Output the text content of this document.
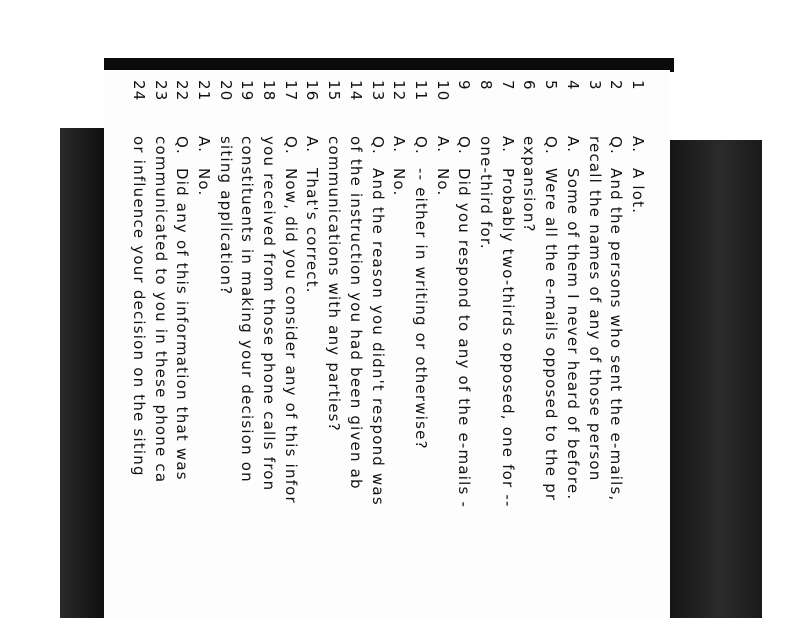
1
A.
A lot.
2
Q.
And the persons who sent the e-mails,
3
recall the names of any of those person
4
A.
Some of them I never heard of before.
5
Q.
Were all the e-mails opposed to the pr
6
expansion?
7
A.
Probably two-thirds opposed, one for --
8
one-third for.
9
Q.
Did you respond to any of the e-mails -
10
A.
No.
11
Q.
-- either in writing or otherwise?
12
A.
No.
13
Q.
And the reason you didn't respond was
14
of the instruction you had been given ab
15
communications with any parties?
16
A.
That's correct.
17
Q.
Now, did you consider any of this infor
18
you received from those phone calls fron
19
constituents in making your decision on
20
siting application?
21
A.
No.
22
Q.
Did any of this information that was
23
communicated to you in these phone ca
24
or influence your decision on the siting
